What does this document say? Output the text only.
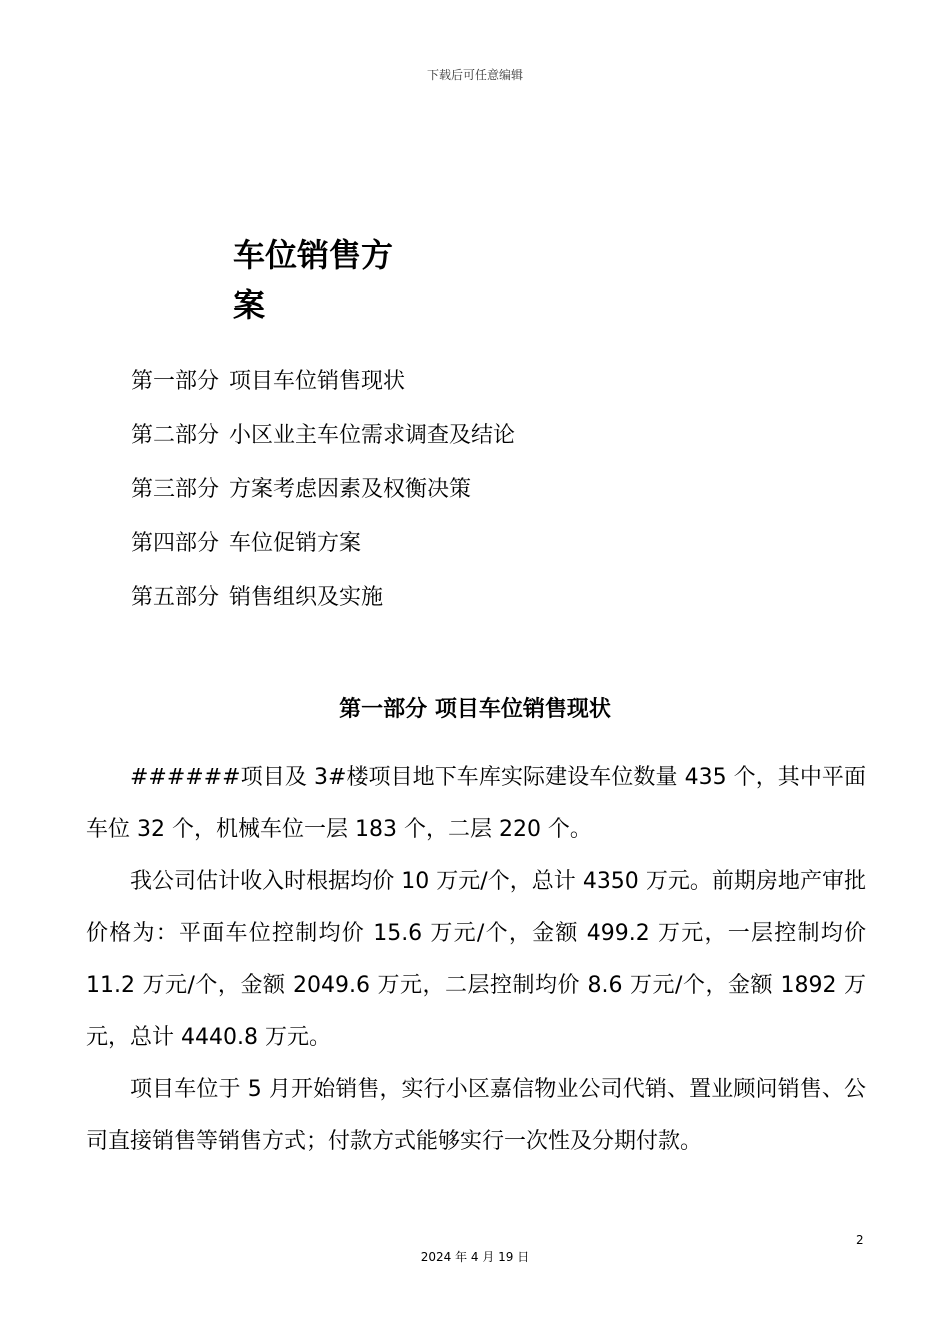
下载后可任意编辑
车位销售方案
第一部分 项目车位销售现状
第二部分 小区业主车位需求调查及结论
第三部分 方案考虑因素及权衡决策
第四部分 车位促销方案
第五部分 销售组织及实施
第一部分 项目车位销售现状

######项目及 3#楼项目地下车库实际建设车位数量 435 个，其中平面车位 32 个，机械车位一层 183 个，二层 220 个。

我公司估计收入时根据均价 10 万元/个，总计 4350 万元。前期房地产审批价格为：平面车位控制均价 15.6 万元/个，金额 499.2 万元，一层控制均价 11.2 万元/个，金额 2049.6 万元，二层控制均价 8.6 万元/个，金额 1892 万元，总计 4440.8 万元。

项目车位于 5 月开始销售，实行小区嘉信物业公司代销、置业顾问销售、公司直接销售等销售方式；付款方式能够实行一次性及分期付款。

2
2024 年 4 月 19 日
